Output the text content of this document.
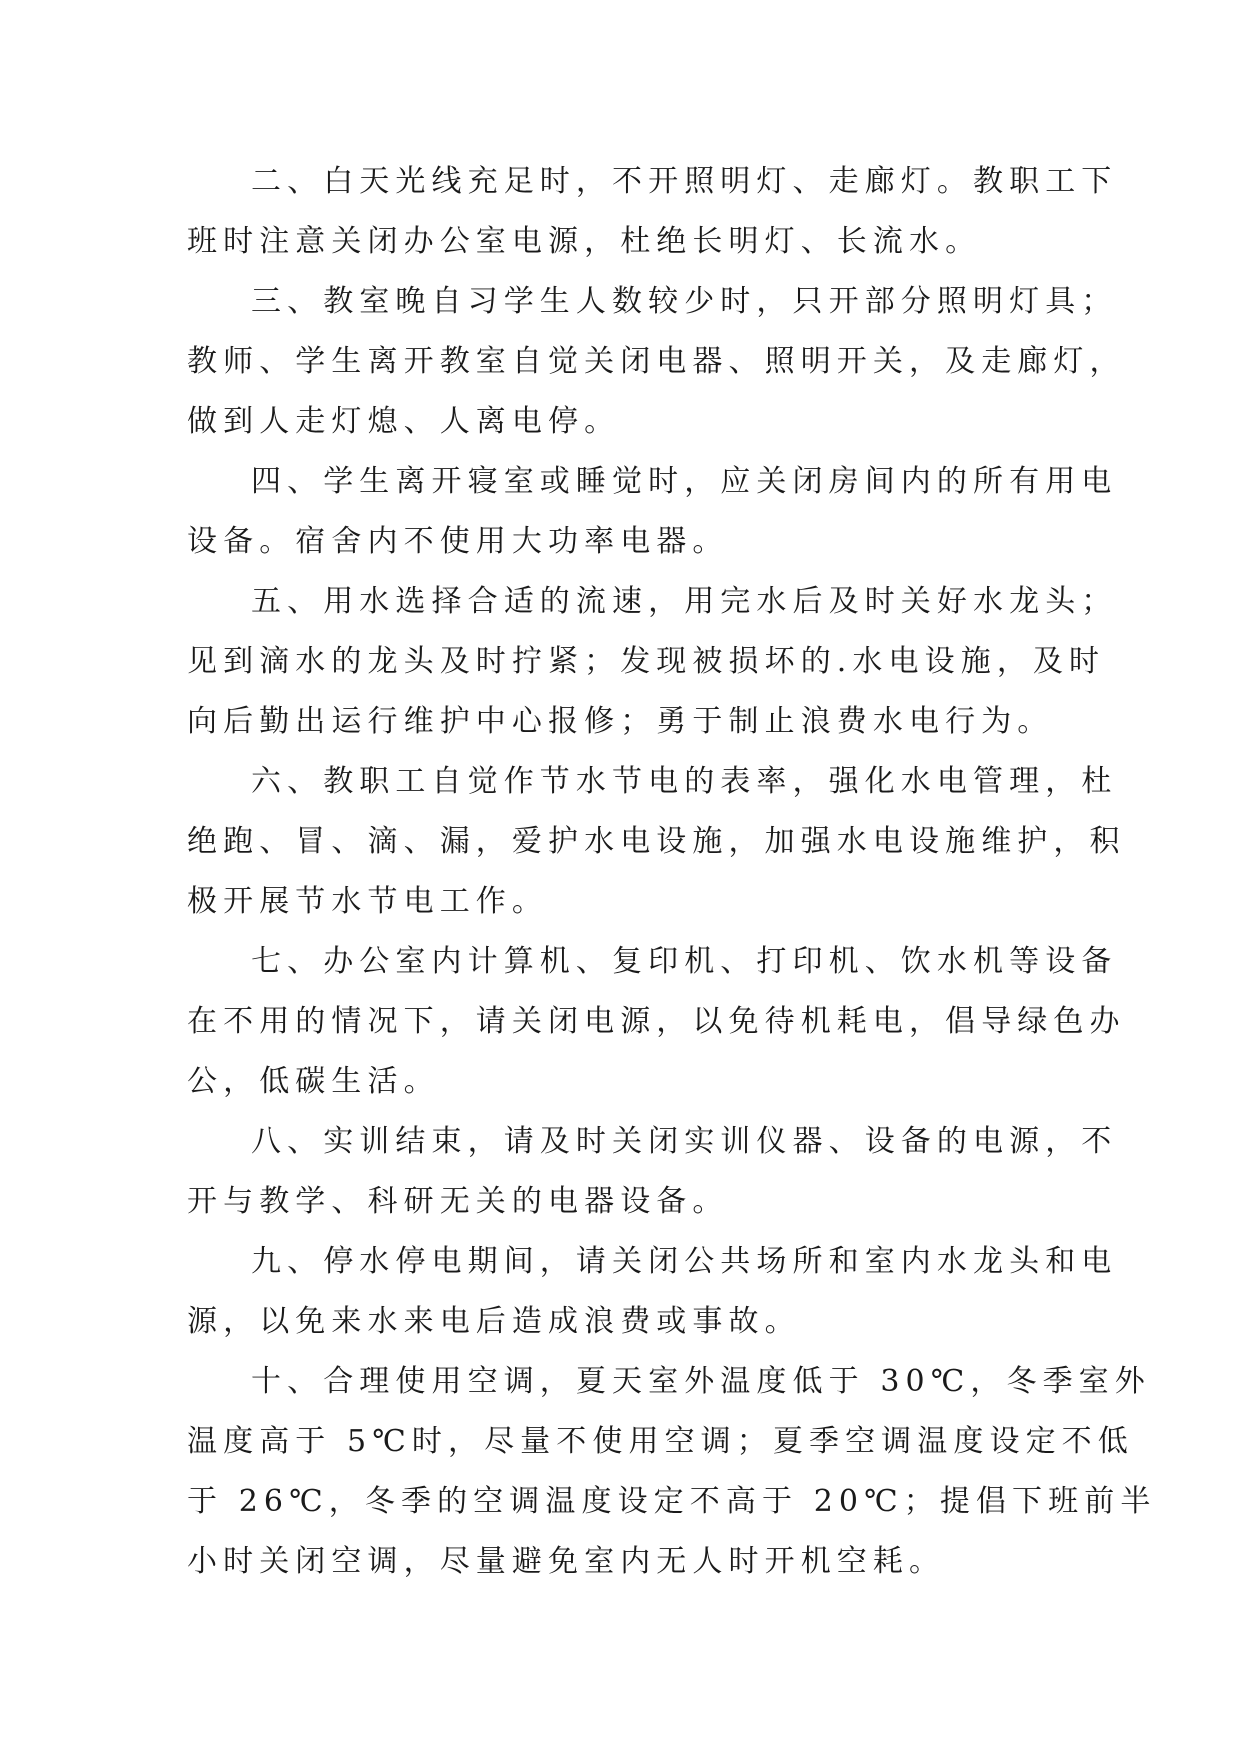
二、白天光线充足时，不开照明灯、走廊灯。教职工下
班时注意关闭办公室电源，杜绝长明灯、长流水。
三、教室晚自习学生人数较少时，只开部分照明灯具；
教师、学生离开教室自觉关闭电器、照明开关，及走廊灯，
做到人走灯熄、人离电停。
四、学生离开寝室或睡觉时，应关闭房间内的所有用电
设备。宿舍内不使用大功率电器。
五、用水选择合适的流速，用完水后及时关好水龙头；
见到滴水的龙头及时拧紧；发现被损坏的.水电设施，及时
向后勤出运行维护中心报修；勇于制止浪费水电行为。
六、教职工自觉作节水节电的表率，强化水电管理，杜
绝跑、冒、滴、漏，爱护水电设施，加强水电设施维护，积
极开展节水节电工作。
七、办公室内计算机、复印机、打印机、饮水机等设备
在不用的情况下，请关闭电源，以免待机耗电，倡导绿色办
公，低碳生活。
八、实训结束，请及时关闭实训仪器、设备的电源，不
开与教学、科研无关的电器设备。
九、停水停电期间，请关闭公共场所和室内水龙头和电
源，以免来水来电后造成浪费或事故。
十、合理使用空调，夏天室外温度低于 30℃，冬季室外
温度高于 5℃时，尽量不使用空调；夏季空调温度设定不低
于 26℃，冬季的空调温度设定不高于 20℃；提倡下班前半
小时关闭空调，尽量避免室内无人时开机空耗。
